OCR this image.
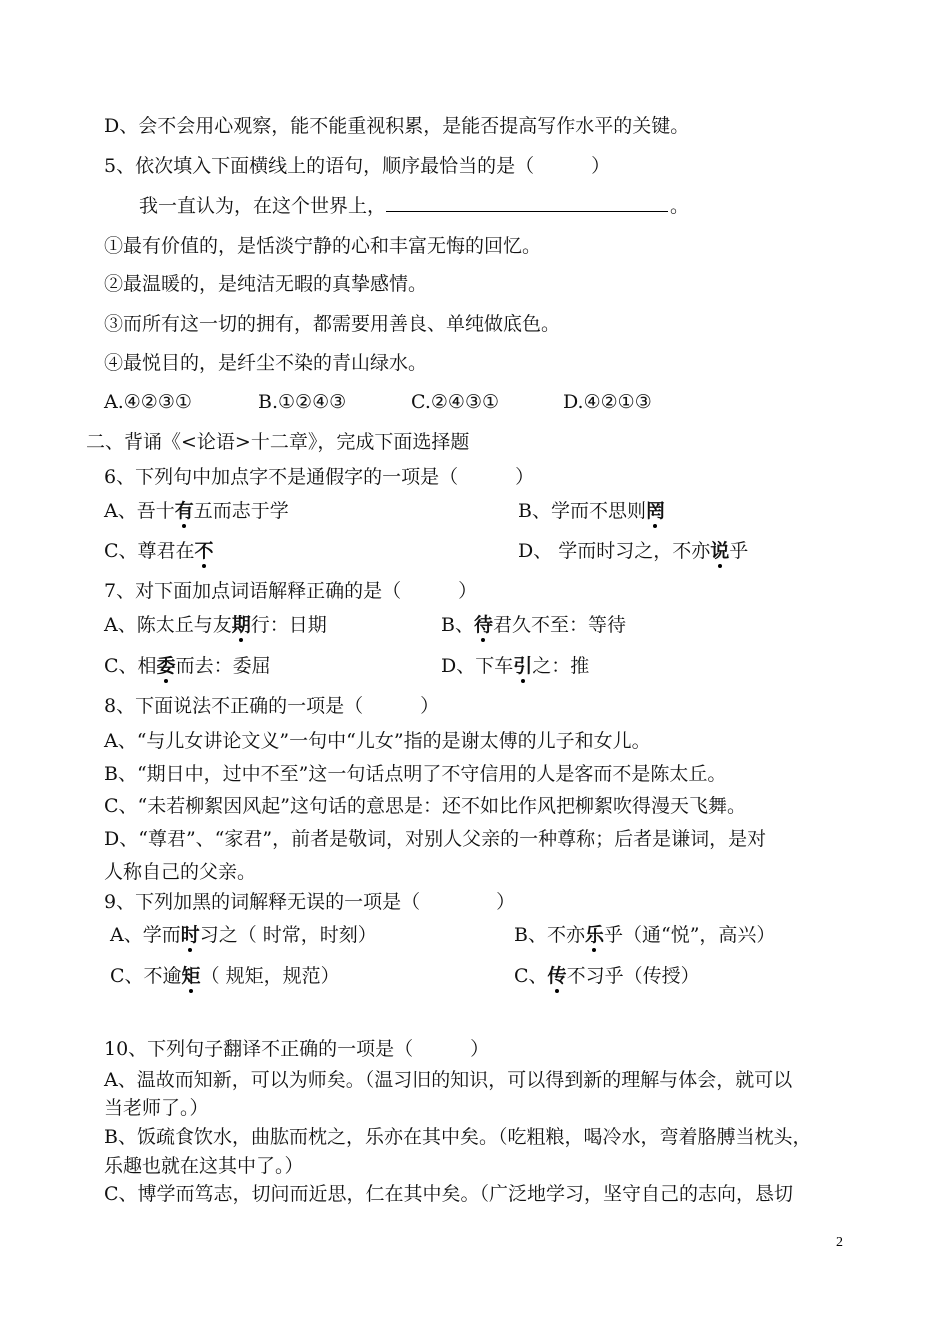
D、会不会用心观察，能不能重视积累，是能否提高写作水平的关键。
5、依次填入下面横线上的语句，顺序最恰当的是（　　　）
我一直认为，在这个世界上，	。
①最有价值的，是恬淡宁静的心和丰富无悔的回忆。
②最温暖的，是纯洁无暇的真挚感情。
③而所有这一切的拥有，都需要用善良、单纯做底色。
④最悦目的，是纤尘不染的青山绿水。
A.④②③①	B.①②④③	C.②④③①	D.④②①③
二、背诵《<论语>十二章》，完成下面选择题
6、下列句中加点字不是通假字的一项是（　　　）
A、吾十有五而志于学	B、学而不思则罔
C、尊君在不	D、 学而时习之，不亦说乎
7、对下面加点词语解释正确的是（　　　）
A、陈太丘与友期行：日期	B、待君久不至：等待
C、相委而去：委屈	D、下车引之：推
8、下面说法不正确的一项是（　　　）
A、“与儿女讲论文义”一句中“儿女”指的是谢太傅的儿子和女儿。
B、“期日中，过中不至”这一句话点明了不守信用的人是客而不是陈太丘。
C、“未若柳絮因风起”这句话的意思是：还不如比作风把柳絮吹得漫天飞舞。
D、“尊君”、“家君”，前者是敬词，对别人父亲的一种尊称；后者是谦词，是对
人称自己的父亲。
9、下列加黑的词解释无误的一项是（　　　　）
A、学而时习之（ 时常，时刻）	B、不亦乐乎（通“悦”，高兴）
C、不逾矩（ 规矩，规范）	C、传不习乎（传授）
10、下列句子翻译不正确的一项是（　　　）
A、温故而知新，可以为师矣。（温习旧的知识，可以得到新的理解与体会，就可以
当老师了。）
B、饭疏食饮水，曲肱而枕之，乐亦在其中矣。（吃粗粮，喝冷水，弯着胳膊当枕头，
乐趣也就在这其中了。）
C、博学而笃志，切问而近思，仁在其中矣。（广泛地学习，坚守自己的志向，恳切
2
